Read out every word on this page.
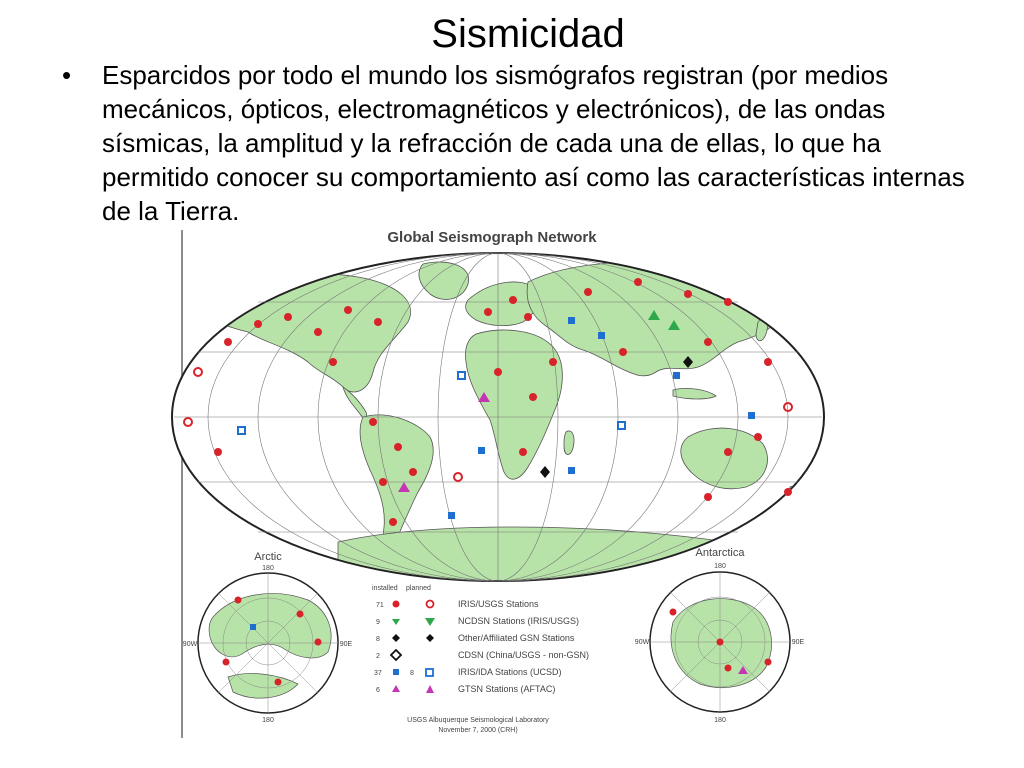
Sismicidad
• Esparcidos por todo el mundo los sismógrafos registran (por medios mecánicos, ópticos, electromagnéticos y electrónicos), de las ondas sísmicas, la amplitud y la refracción de cada una de ellas, lo que ha permitido conocer su comportamiento así como las características internas de la Tierra.
Global Seismograph Network
Arctic
180
180
90W	90E
installed planned
71	IRIS/USGS Stations
9	NCDSN Stations (IRIS/USGS)
8	Other/Affiliated GSN Stations
2	CDSN (China/USGS - non-GSN)
37	8	IRIS/IDA Stations (UCSD)
6	GTSN Stations (AFTAC)
USGS Albuquerque Seismological Laboratory
November 7, 2000 (CRH)
Antarctica
180
180
90W	90E
